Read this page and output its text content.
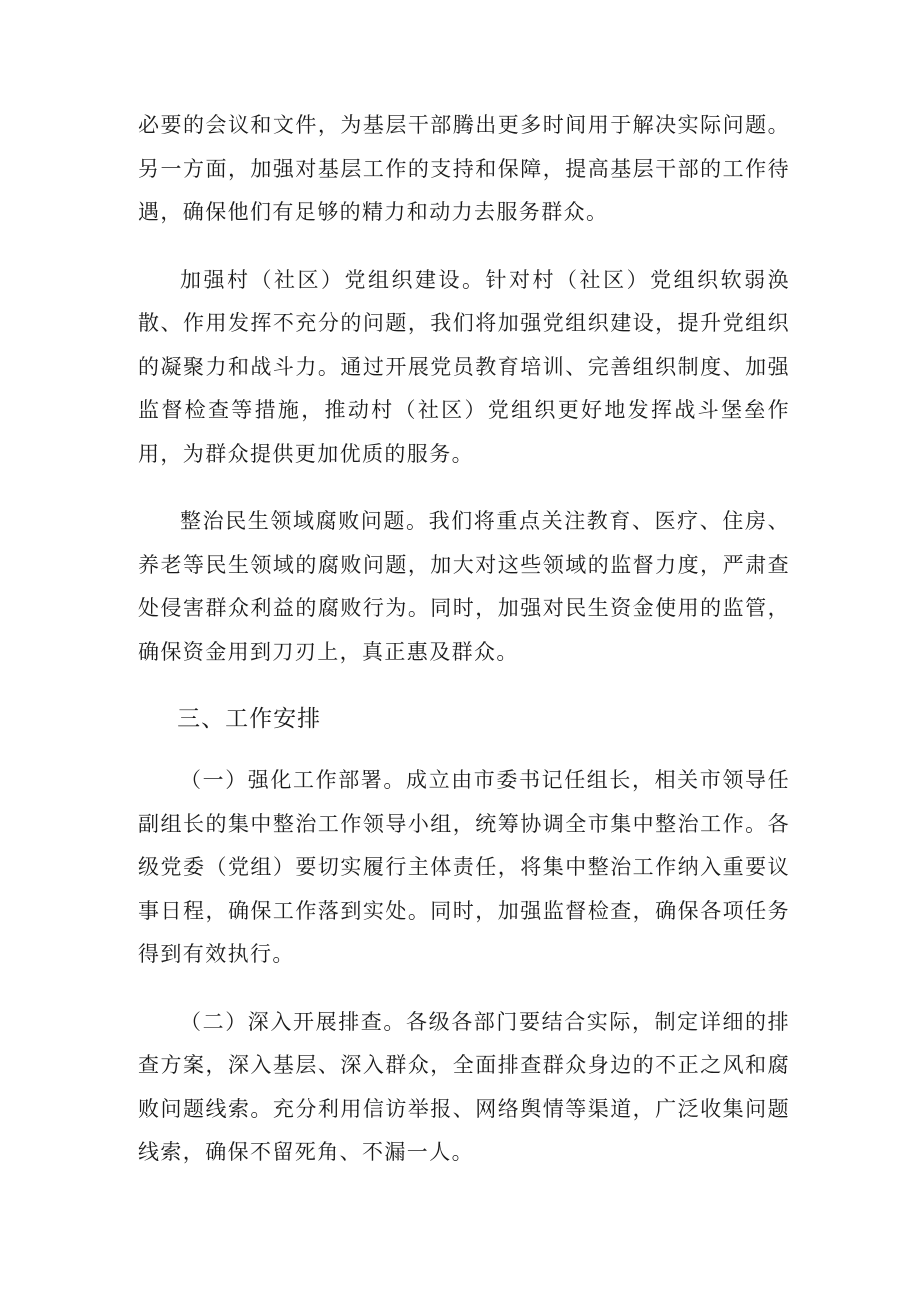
必要的会议和文件，为基层干部腾出更多时间用于解决实际问题。另一方面，加强对基层工作的支持和保障，提高基层干部的工作待遇，确保他们有足够的精力和动力去服务群众。

加强村（社区）党组织建设。针对村（社区）党组织软弱涣散、作用发挥不充分的问题，我们将加强党组织建设，提升党组织的凝聚力和战斗力。通过开展党员教育培训、完善组织制度、加强监督检查等措施，推动村（社区）党组织更好地发挥战斗堡垒作用，为群众提供更加优质的服务。

整治民生领域腐败问题。我们将重点关注教育、医疗、住房、养老等民生领域的腐败问题，加大对这些领域的监督力度，严肃查处侵害群众利益的腐败行为。同时，加强对民生资金使用的监管，确保资金用到刀刃上，真正惠及群众。

三、工作安排

（一）强化工作部署。成立由市委书记任组长，相关市领导任副组长的集中整治工作领导小组，统筹协调全市集中整治工作。各级党委（党组）要切实履行主体责任，将集中整治工作纳入重要议事日程，确保工作落到实处。同时，加强监督检查，确保各项任务得到有效执行。

（二）深入开展排查。各级各部门要结合实际，制定详细的排查方案，深入基层、深入群众，全面排查群众身边的不正之风和腐败问题线索。充分利用信访举报、网络舆情等渠道，广泛收集问题线索，确保不留死角、不漏一人。
